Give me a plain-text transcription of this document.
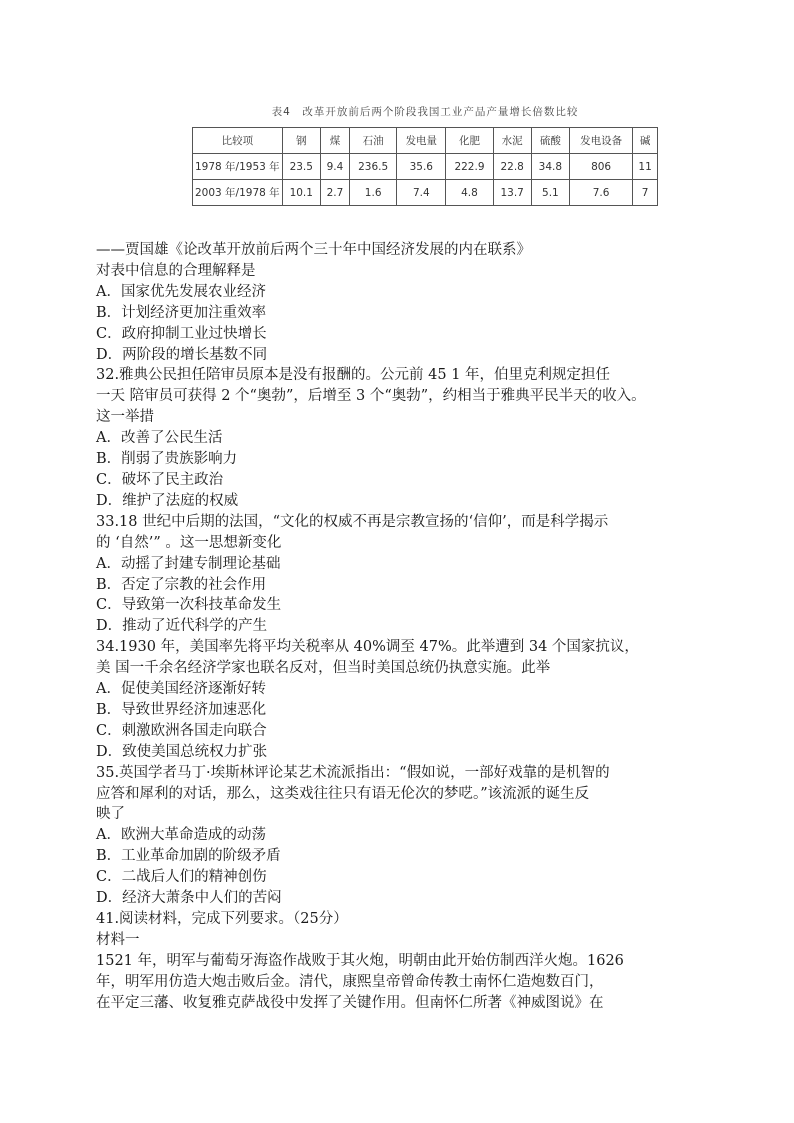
表4　改革开放前后两个阶段我国工业产品产量增长倍数比较
比较项	钢	煤	石油	发电量	化肥	水泥	硫酸	发电设备	碱
1978 年/1953 年	23.5	9.4	236.5	35.6	222.9	22.8	34.8	806	11
2003 年/1978 年	10.1	2.7	1.6	7.4	4.8	13.7	5.1	7.6	7
——贾国雄《论改革开放前后两个三十年中国经济发展的内在联系》
对表中信息的合理解释是
A．国家优先发展农业经济
B．计划经济更加注重效率
C．政府抑制工业过快增长
D．两阶段的增长基数不同
32.雅典公民担任陪审员原本是没有报酬的。公元前 45 1 年，伯里克利规定担任
一天 陪审员可获得 2 个“奥勃”，后增至 3 个“奥勃”，约相当于雅典平民半天的收入。
这一举措
A．改善了公民生活
B．削弱了贵族影响力
C．破坏了民主政治
D．维护了法庭的权威
33.18 世纪中后期的法国，“文化的权威不再是宗教宣扬的‘信仰’，而是科学揭示
的 ‘自然’” 。这一思想新变化
A．动摇了封建专制理论基础
B．否定了宗教的社会作用
C．导致第一次科技革命发生
D．推动了近代科学的产生
34.1930 年，美国率先将平均关税率从 40%调至 47%。此举遭到 34 个国家抗议，
美 国一千余名经济学家也联名反对，但当时美国总统仍执意实施。此举
A．促使美国经济逐渐好转
B．导致世界经济加速恶化
C．刺激欧洲各国走向联合
D．致使美国总统权力扩张
35.英国学者马丁·埃斯林评论某艺术流派指出：“假如说，一部好戏靠的是机智的
应答和犀利的对话，那么，这类戏往往只有语无伦次的梦呓。”该流派的诞生反
映了
A．欧洲大革命造成的动荡
B．工业革命加剧的阶级矛盾
C．二战后人们的精神创伤
D．经济大萧条中人们的苦闷
41.阅读材料，完成下列要求。（25分）
材料一
1521 年，明军与葡萄牙海盗作战败于其火炮，明朝由此开始仿制西洋火炮。1626
年，明军用仿造大炮击败后金。清代，康熙皇帝曾命传教士南怀仁造炮数百门，
在平定三藩、收复雅克萨战役中发挥了关键作用。但南怀仁所著《神威图说》在
